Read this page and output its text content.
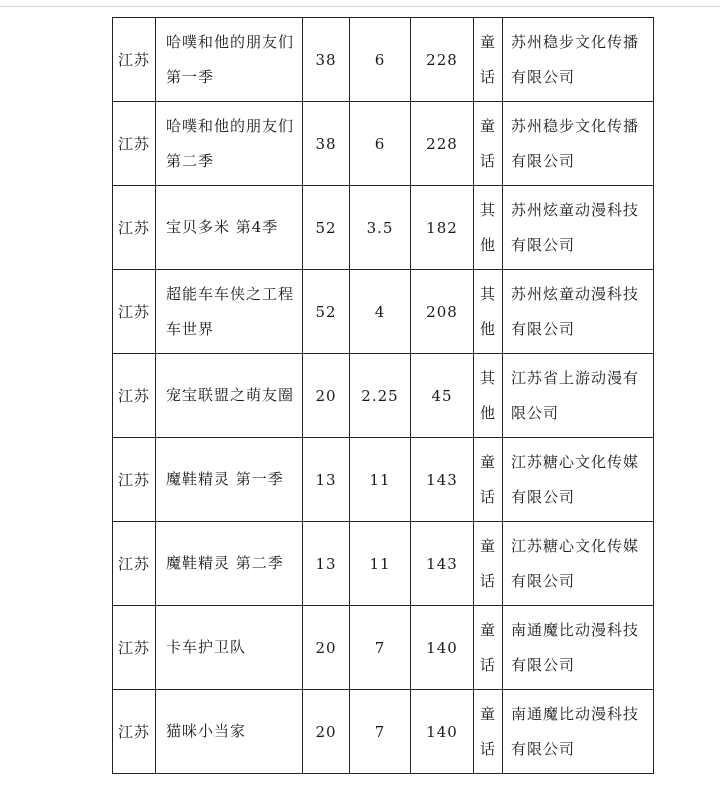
江苏	哈噗和他的朋友们 第一季	38	6	228	童话	苏州稳步文化传播有限公司

江苏	哈噗和他的朋友们 第二季	38	6	228	童话	苏州稳步文化传播有限公司

江苏	宝贝多米 第4季	52	3.5	182	其他	苏州炫童动漫科技有限公司

江苏	超能车车侠之工程车世界	52	4	208	其他	苏州炫童动漫科技有限公司

江苏	宠宝联盟之萌友圈	20	2.25	45	其他	江苏省上游动漫有限公司

江苏	魔鞋精灵 第一季	13	11	143	童话	江苏糖心文化传媒有限公司

江苏	魔鞋精灵 第二季	13	11	143	童话	江苏糖心文化传媒有限公司

江苏	卡车护卫队	20	7	140	童话	南通魔比动漫科技有限公司

江苏	猫咪小当家	20	7	140	童话	南通魔比动漫科技有限公司
